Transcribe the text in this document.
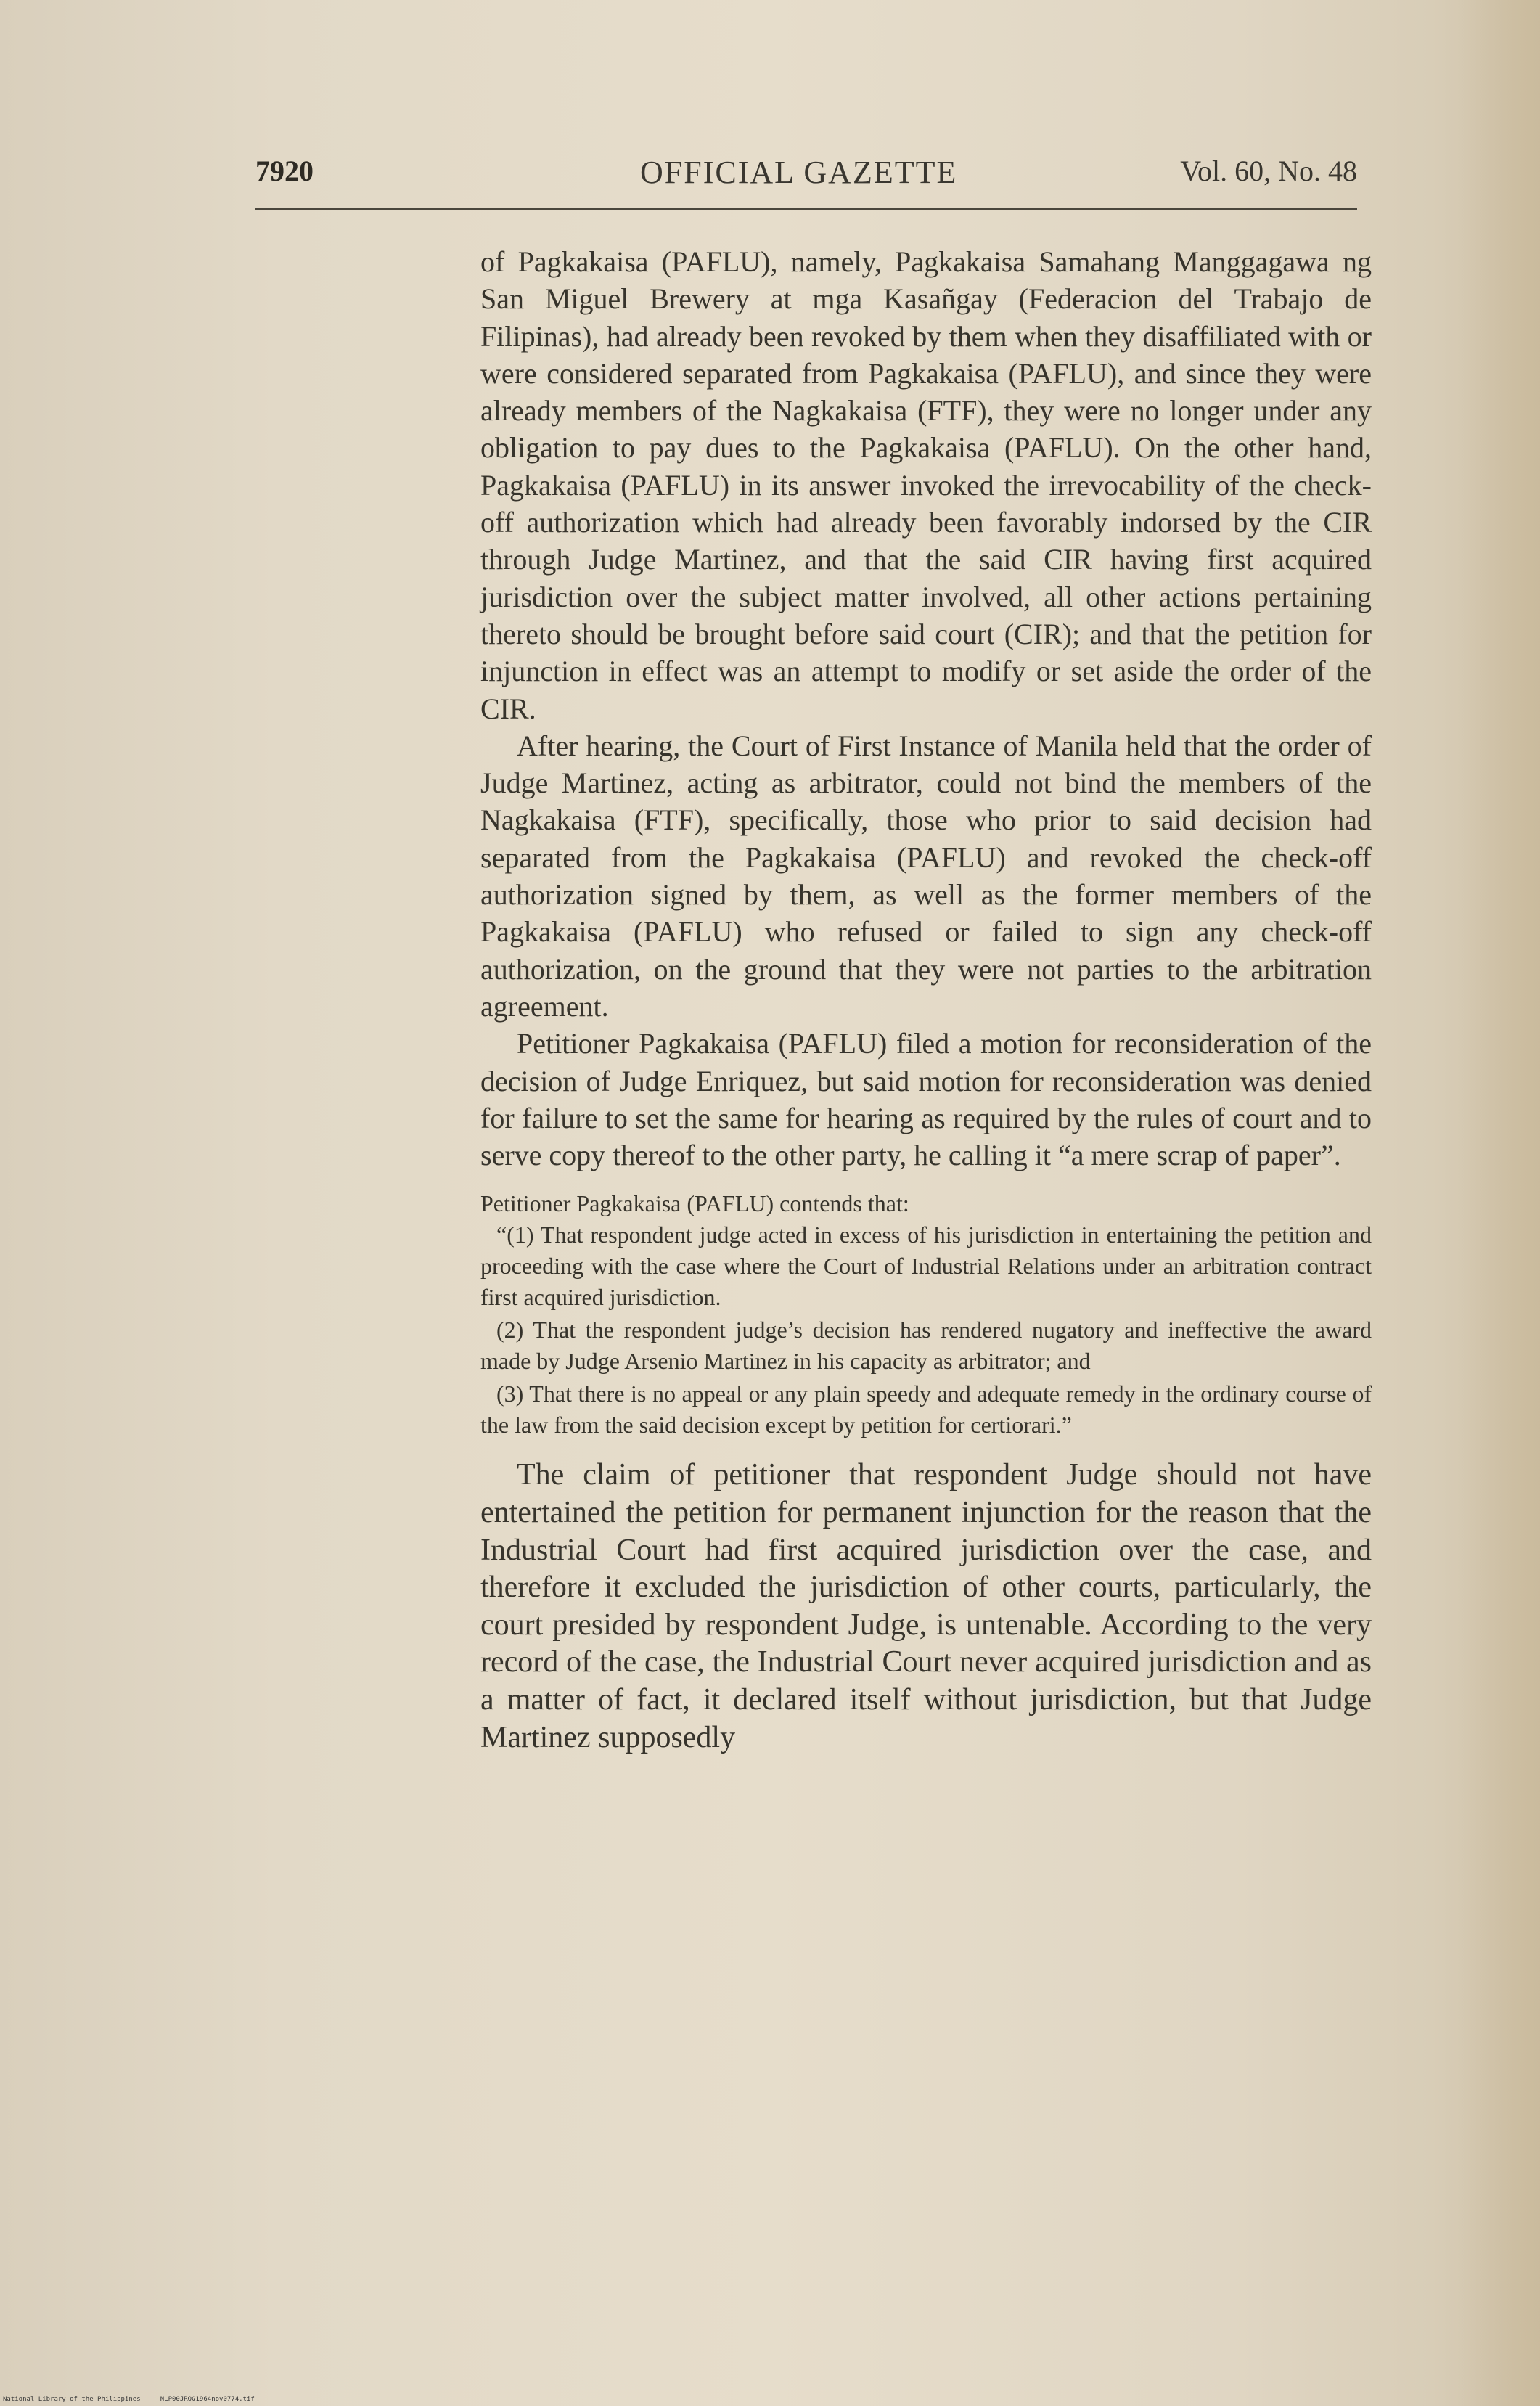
7920	OFFICIAL GAZETTE	Vol. 60, No. 48

of Pagkakaisa (PAFLU), namely, Pagkakaisa Samahang Manggagawa ng San Miguel Brewery at mga Kasañgay (Federacion del Trabajo de Filipinas), had already been revoked by them when they disaffiliated with or were considered separated from Pagkakaisa (PAFLU), and since they were already members of the Nagkakaisa (FTF), they were no longer under any obligation to pay dues to the Pagkakaisa (PAFLU). On the other hand, Pagkakaisa (PAFLU) in its answer invoked the irrevocability of the check-off authorization which had already been favorably indorsed by the CIR through Judge Martinez, and that the said CIR having first acquired jurisdiction over the subject matter involved, all other actions pertaining thereto should be brought before said court (CIR); and that the petition for injunction in effect was an attempt to modify or set aside the order of the CIR.

After hearing, the Court of First Instance of Manila held that the order of Judge Martinez, acting as arbitrator, could not bind the members of the Nagkakaisa (FTF), specifically, those who prior to said decision had separated from the Pagkakaisa (PAFLU) and revoked the check-off authorization signed by them, as well as the former members of the Pagkakaisa (PAFLU) who refused or failed to sign any check-off authorization, on the ground that they were not parties to the arbitration agreement.

Petitioner Pagkakaisa (PAFLU) filed a motion for reconsideration of the decision of Judge Enriquez, but said motion for reconsideration was denied for failure to set the same for hearing as required by the rules of court and to serve copy thereof to the other party, he calling it “a mere scrap of paper”.

Petitioner Pagkakaisa (PAFLU) contends that:

“(1) That respondent judge acted in excess of his jurisdiction in entertaining the petition and proceeding with the case where the Court of Industrial Relations under an arbitration contract first acquired jurisdiction.

(2) That the respondent judge’s decision has rendered nugatory and ineffective the award made by Judge Arsenio Martinez in his capacity as arbitrator; and

(3) That there is no appeal or any plain speedy and adequate remedy in the ordinary course of the law from the said decision except by petition for certiorari.”

The claim of petitioner that respondent Judge should not have entertained the petition for permanent injunction for the reason that the Industrial Court had first acquired jurisdiction over the case, and therefore it excluded the jurisdiction of other courts, particularly, the court presided by respondent Judge, is untenable. According to the very record of the case, the Industrial Court never acquired jurisdiction and as a matter of fact, it declared itself without jurisdiction, but that Judge Martinez supposedly

National Library of the Philippines	NLP00JROG1964nov0774.tif
